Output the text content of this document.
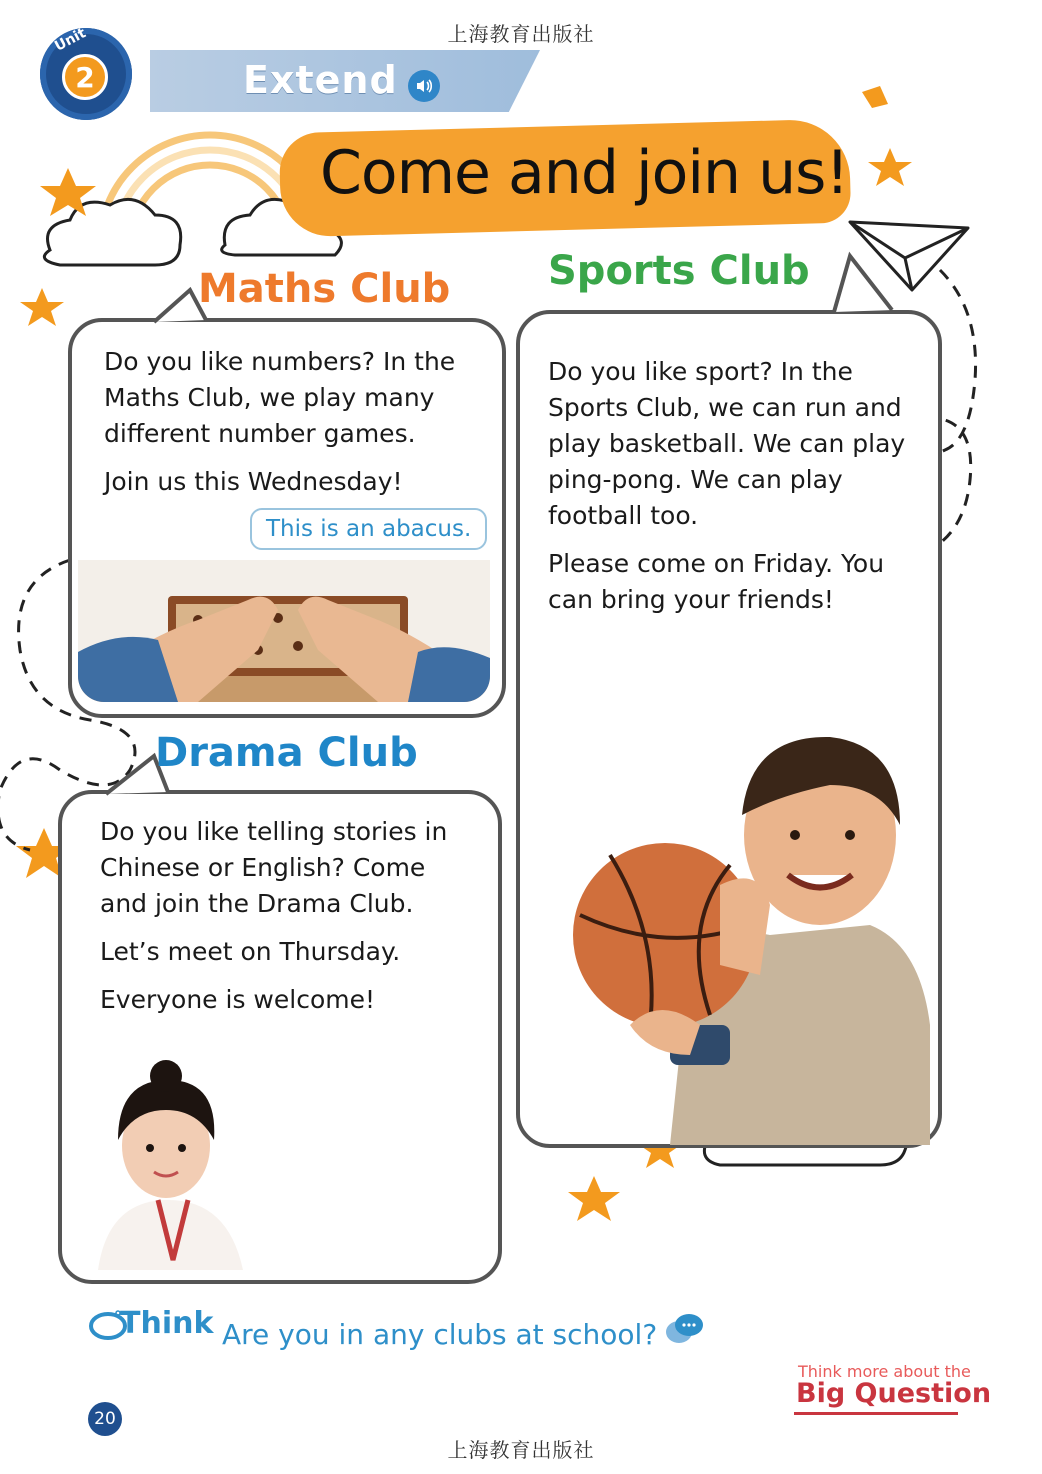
上海教育出版社
上海教育出版社
Unit
2	Extend
Come and join us!
Maths Club

Do you like numbers? In the Maths Club, we play many different number games.

Join us this Wednesday!

This is an abacus.
Sports Club

Do you like sport? In the Sports Club, we can run and play basketball. We can play ping-pong. We can play football too.

Please come on Friday. You can bring your friends!

Drama Club

Do you like telling stories in Chinese or English? Come and join the Drama Club.

Let’s meet on Thursday.

Everyone is welcome!

Think Are you in any clubs at school?
Think more about the
Big Question
20
